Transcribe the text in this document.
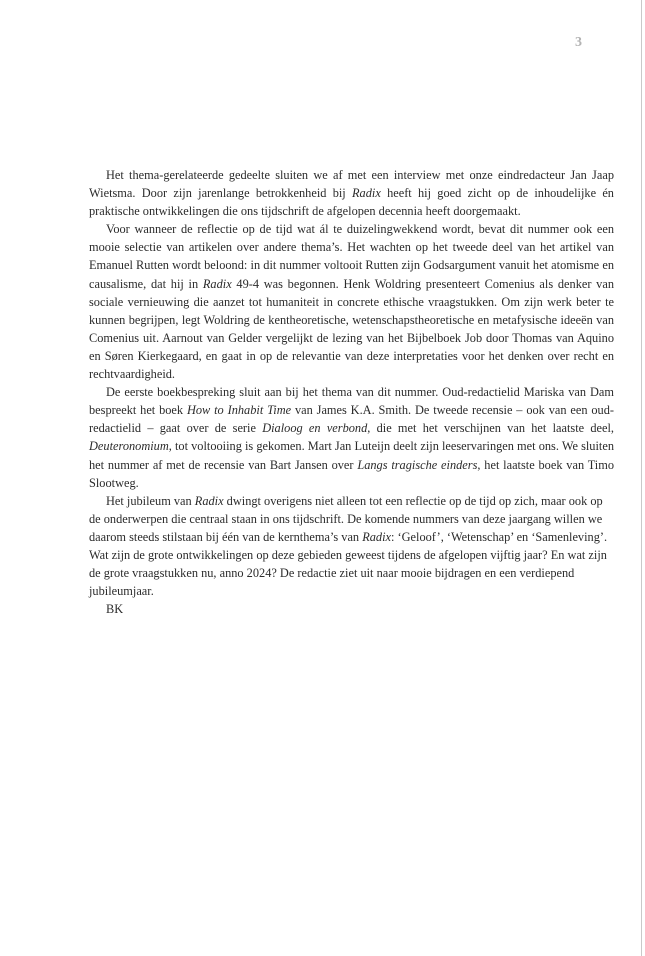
3

Het thema-gerelateerde gedeelte sluiten we af met een interview met onze eindredacteur Jan Jaap Wietsma. Door zijn jarenlange betrokkenheid bij Radix heeft hij goed zicht op de inhoudelijke én praktische ontwikkelingen die ons tijdschrift de afgelopen decennia heeft doorgemaakt.

Voor wanneer de reflectie op de tijd wat ál te duizelingwekkend wordt, bevat dit nummer ook een mooie selectie van artikelen over andere thema’s. Het wachten op het tweede deel van het artikel van Emanuel Rutten wordt beloond: in dit nummer voltooit Rutten zijn Godsargument vanuit het atomisme en causalisme, dat hij in Radix 49-4 was begonnen. Henk Woldring presenteert Comenius als denker van sociale vernieuwing die aanzet tot humaniteit in concrete ethische vraagstukken. Om zijn werk beter te kunnen begrijpen, legt Woldring de kentheoretische, wetenschapstheoretische en metafysische ideeën van Comenius uit. Aarnout van Gelder vergelijkt de lezing van het Bijbelboek Job door Thomas van Aquino en Søren Kierkegaard, en gaat in op de relevantie van deze interpretaties voor het denken over recht en rechtvaardigheid.

De eerste boekbespreking sluit aan bij het thema van dit nummer. Oud-redactielid Mariska van Dam bespreekt het boek How to Inhabit Time van James K.A. Smith. De tweede recensie – ook van een oud-redactielid – gaat over de serie Dialoog en verbond, die met het verschijnen van het laatste deel, Deuteronomium, tot voltooiing is gekomen. Mart Jan Luteijn deelt zijn leeservaringen met ons. We sluiten het nummer af met de recensie van Bart Jansen over Langs tragische einders, het laatste boek van Timo Slootweg.

Het jubileum van Radix dwingt overigens niet alleen tot een reflectie op de tijd op zich, maar ook op de onderwerpen die centraal staan in ons tijdschrift. De komende nummers van deze jaargang willen we daarom steeds stilstaan bij één van de kernthema’s van Radix: ‘Geloof’, ‘Wetenschap’ en ‘Samenleving’. Wat zijn de grote ontwikkelingen op deze gebieden geweest tijdens de afgelopen vijftig jaar? En wat zijn de grote vraagstukken nu, anno 2024? De redactie ziet uit naar mooie bijdragen en een verdiepend jubileumjaar.

BK
